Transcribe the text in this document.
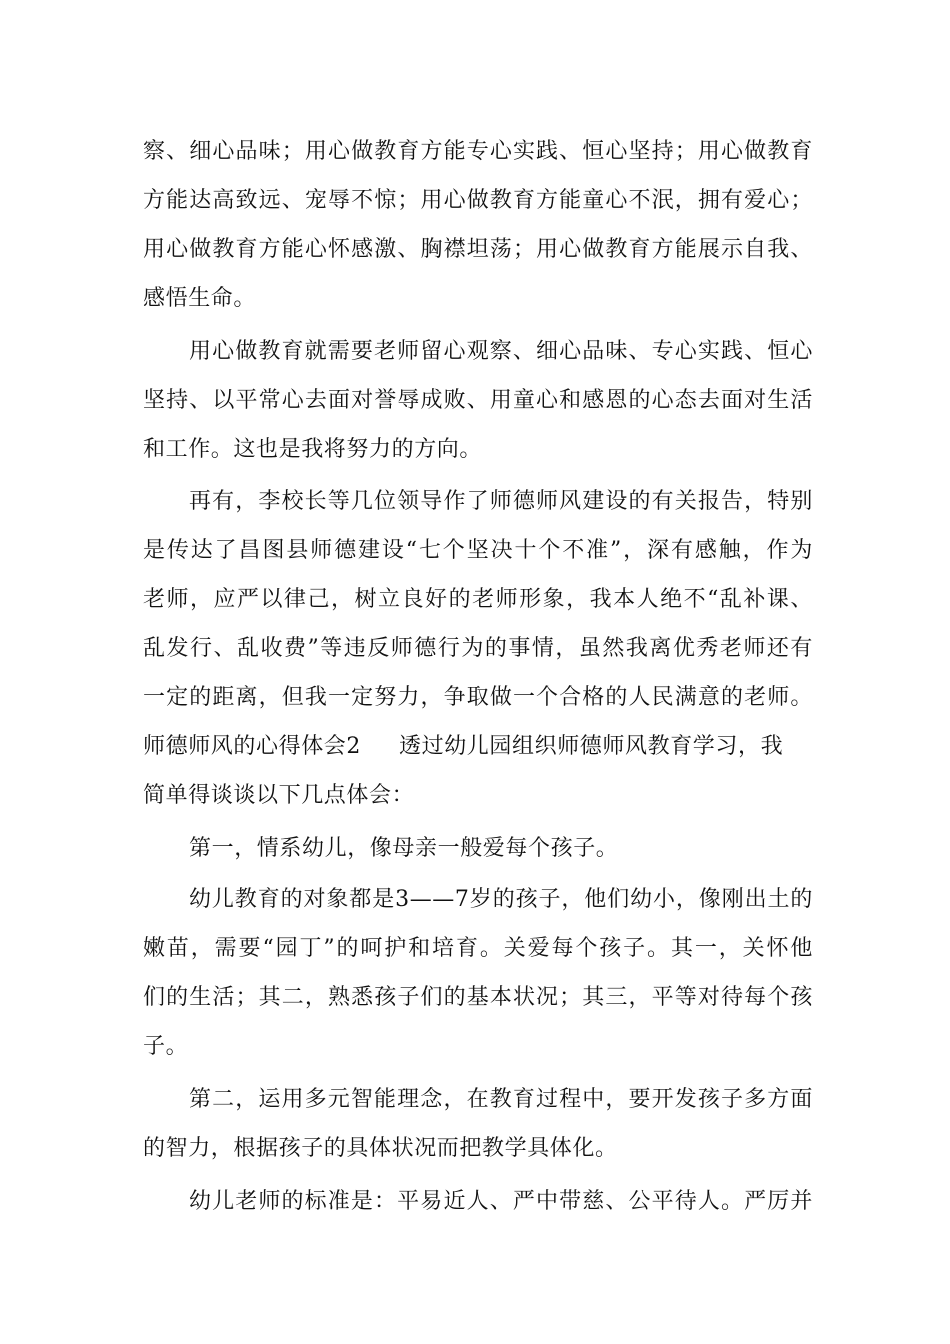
察、细心品味；用心做教育方能专心实践、恒心坚持；用心做教育
方能达高致远、宠辱不惊；用心做教育方能童心不泯，拥有爱心；
用心做教育方能心怀感激、胸襟坦荡；用心做教育方能展示自我、
感悟生命。
用心做教育就需要老师留心观察、细心品味、专心实践、恒心
坚持、以平常心去面对誉辱成败、用童心和感恩的心态去面对生活
和工作。这也是我将努力的方向。
再有，李校长等几位领导作了师德师风建设的有关报告，特别
是传达了昌图县师德建设“七个坚决十个不准”，深有感触，作为
老师，应严以律己，树立良好的老师形象，我本人绝不“乱补课、
乱发行、乱收费”等违反师德行为的事情，虽然我离优秀老师还有
一定的距离，但我一定努力，争取做一个合格的人民满意的老师。
师德师风的心得体会2 透过幼儿园组织师德师风教育学习，我
简单得谈谈以下几点体会：
第一，情系幼儿，像母亲一般爱每个孩子。
幼儿教育的对象都是3——7岁的孩子，他们幼小，像刚出土的
嫩苗，需要“园丁”的呵护和培育。关爱每个孩子。其一，关怀他
们的生活；其二，熟悉孩子们的基本状况；其三，平等对待每个孩
子。
第二，运用多元智能理念，在教育过程中，要开发孩子多方面
的智力，根据孩子的具体状况而把教学具体化。
幼儿老师的标准是：平易近人、严中带慈、公平待人。严厉并
